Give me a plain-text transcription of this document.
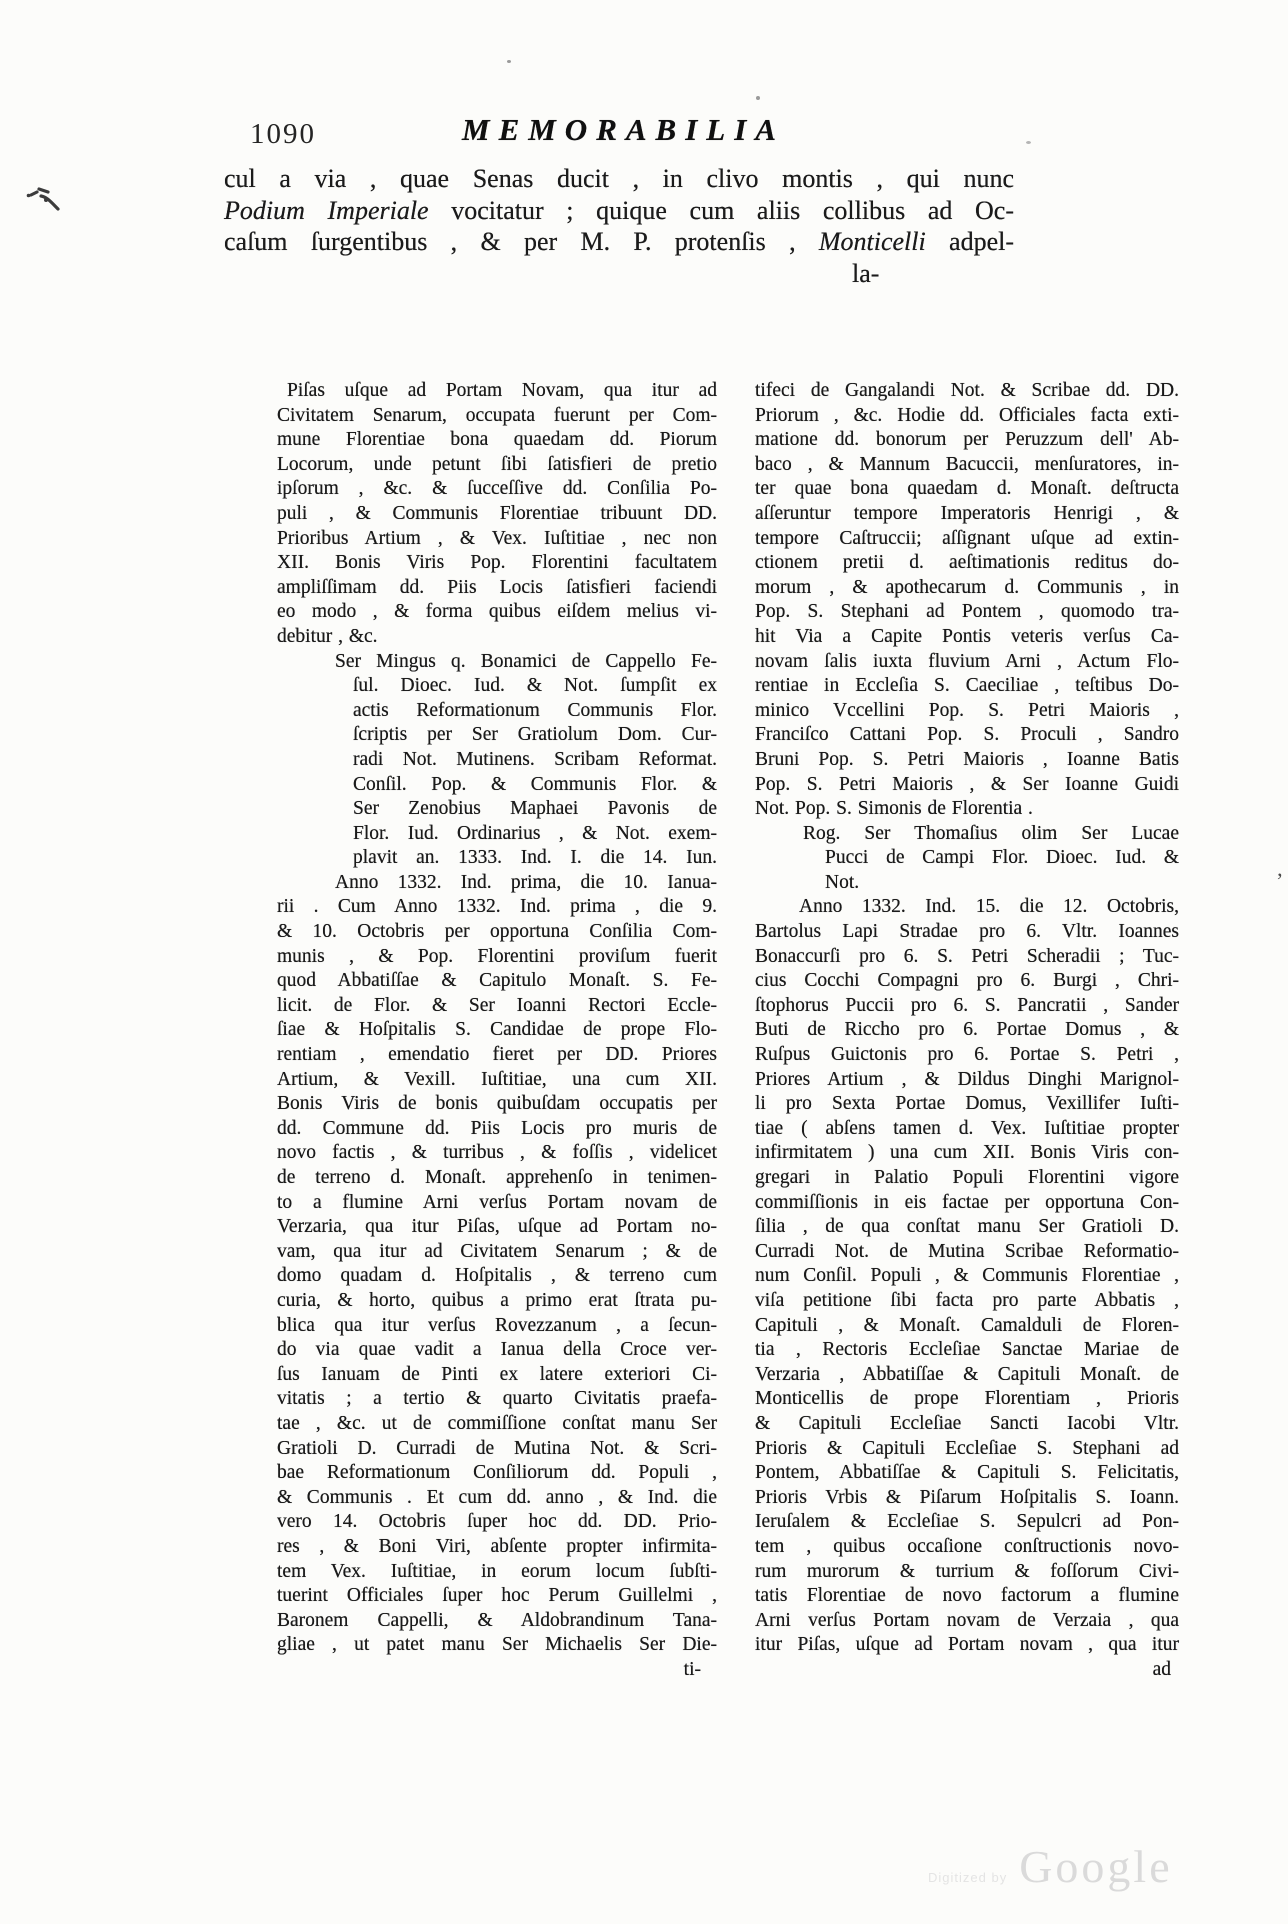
1090	MEMORABILIA
cul a via , quae Senas ducit , in clivo montis , qui nunc
Podium Imperiale vocitatur ; quique cum aliis collibus ad Oc-
caſum ſurgentibus , & per M. P. protenſis , Monticelli adpel-
la-
Piſas uſque ad Portam Novam, qua itur ad
Civitatem Senarum, occupata fuerunt per Com-
mune Florentiae bona quaedam dd. Piorum
Locorum, unde petunt ſibi ſatisfieri de pretio
ipſorum , &c. & ſucceſſive dd. Conſilia Po-
puli , & Communis Florentiae tribuunt DD.
Prioribus Artium , & Vex. Iuſtitiae , nec non
XII. Bonis Viris Pop. Florentini facultatem
ampliſſimam dd. Piis Locis ſatisfieri faciendi
eo modo , & forma quibus eiſdem melius vi-
debitur , &c.
Ser Mingus q. Bonamici de Cappello Fe-
ſul. Dioec. Iud. & Not. ſumpſit ex
actis Reformationum Communis Flor.
ſcriptis per Ser Gratiolum Dom. Cur-
radi Not. Mutinens. Scribam Reformat.
Conſil. Pop. & Communis Flor. &
Ser Zenobius Maphaei Pavonis de
Flor. Iud. Ordinarius , & Not. exem-
plavit an. 1333. Ind. I. die 14. Iun.
Anno 1332. Ind. prima, die 10. Ianua-
rii . Cum Anno 1332. Ind. prima , die 9.
& 10. Octobris per opportuna Conſilia Com-
munis , & Pop. Florentini proviſum fuerit
quod Abbatiſſae & Capitulo Monaſt. S. Fe-
licit. de Flor. & Ser Ioanni Rectori Eccle-
ſiae & Hoſpitalis S. Candidae de prope Flo-
rentiam , emendatio fieret per DD. Priores
Artium, & Vexill. Iuſtitiae, una cum XII.
Bonis Viris de bonis quibuſdam occupatis per
dd. Commune dd. Piis Locis pro muris de
novo factis , & turribus , & foſſis , videlicet
de terreno d. Monaſt. apprehenſo in tenimen-
to a flumine Arni verſus Portam novam de
Verzaria, qua itur Piſas, uſque ad Portam no-
vam, qua itur ad Civitatem Senarum ; & de
domo quadam d. Hoſpitalis , & terreno cum
curia, & horto, quibus a primo erat ſtrata pu-
blica qua itur verſus Rovezzanum , a ſecun-
do via quae vadit a Ianua della Croce ver-
ſus Ianuam de Pinti ex latere exteriori Ci-
vitatis ; a tertio & quarto Civitatis praefa-
tae , &c. ut de commiſſione conſtat manu Ser
Gratioli D. Curradi de Mutina Not. & Scri-
bae Reformationum Conſiliorum dd. Populi ,
& Communis . Et cum dd. anno , & Ind. die
vero 14. Octobris ſuper hoc dd. DD. Prio-
res , & Boni Viri, abſente propter infirmita-
tem Vex. Iuſtitiae, in eorum locum ſubſti-
tuerint Officiales ſuper hoc Perum Guillelmi ,
Baronem Cappelli, & Aldobrandinum Tana-
gliae , ut patet manu Ser Michaelis Ser Die-
ti-
tifeci de Gangalandi Not. & Scribae dd. DD.
Priorum , &c. Hodie dd. Officiales facta exti-
matione dd. bonorum per Peruzzum dell' Ab-
baco , & Mannum Bacuccii, menſuratores, in-
ter quae bona quaedam d. Monaſt. deſtructa
aſſeruntur tempore Imperatoris Henrigi , &
tempore Caſtruccii; aſſignant uſque ad extin-
ctionem pretii d. aeſtimationis reditus do-
morum , & apothecarum d. Communis , in
Pop. S. Stephani ad Pontem , quomodo tra-
hit Via a Capite Pontis veteris verſus Ca-
novam ſalis iuxta fluvium Arni , Actum Flo-
rentiae in Eccleſia S. Caeciliae , teſtibus Do-
minico Vccellini Pop. S. Petri Maioris ,
Franciſco Cattani Pop. S. Proculi , Sandro
Bruni Pop. S. Petri Maioris , Ioanne Batis
Pop. S. Petri Maioris , & Ser Ioanne Guidi
Not. Pop. S. Simonis de Florentia .
Rog. Ser Thomaſius olim Ser Lucae
Pucci de Campi Flor. Dioec. Iud. &
Not.
Anno 1332. Ind. 15. die 12. Octobris,
Bartolus Lapi Stradae pro 6. Vltr. Ioannes
Bonaccurſi pro 6. S. Petri Scheradii ; Tuc-
cius Cocchi Compagni pro 6. Burgi , Chri-
ſtophorus Puccii pro 6. S. Pancratii , Sander
Buti de Riccho pro 6. Portae Domus , &
Ruſpus Guictonis pro 6. Portae S. Petri ,
Priores Artium , & Dildus Dinghi Marignol-
li pro Sexta Portae Domus, Vexillifer Iuſti-
tiae ( abſens tamen d. Vex. Iuſtitiae propter
infirmitatem ) una cum XII. Bonis Viris con-
gregari in Palatio Populi Florentini vigore
commiſſionis in eis factae per opportuna Con-
ſilia , de qua conſtat manu Ser Gratioli D.
Curradi Not. de Mutina Scribae Reformatio-
num Conſil. Populi , & Communis Florentiae ,
viſa petitione ſibi facta pro parte Abbatis ,
Capituli , & Monaſt. Camalduli de Floren-
tia , Rectoris Eccleſiae Sanctae Mariae de
Verzaria , Abbatiſſae & Capituli Monaſt. de
Monticellis de prope Florentiam , Prioris
& Capituli Eccleſiae Sancti Iacobi Vltr.
Prioris & Capituli Eccleſiae S. Stephani ad
Pontem, Abbatiſſae & Capituli S. Felicitatis,
Prioris Vrbis & Piſarum Hoſpitalis S. Ioann.
Ieruſalem & Eccleſiae S. Sepulcri ad Pon-
tem , quibus occaſione conſtructionis novo-
rum murorum & turrium & foſſorum Civi-
tatis Florentiae de novo factorum a flumine
Arni verſus Portam novam de Verzaia , qua
itur Piſas, uſque ad Portam novam , qua itur
ad
’
Digitized by Google
